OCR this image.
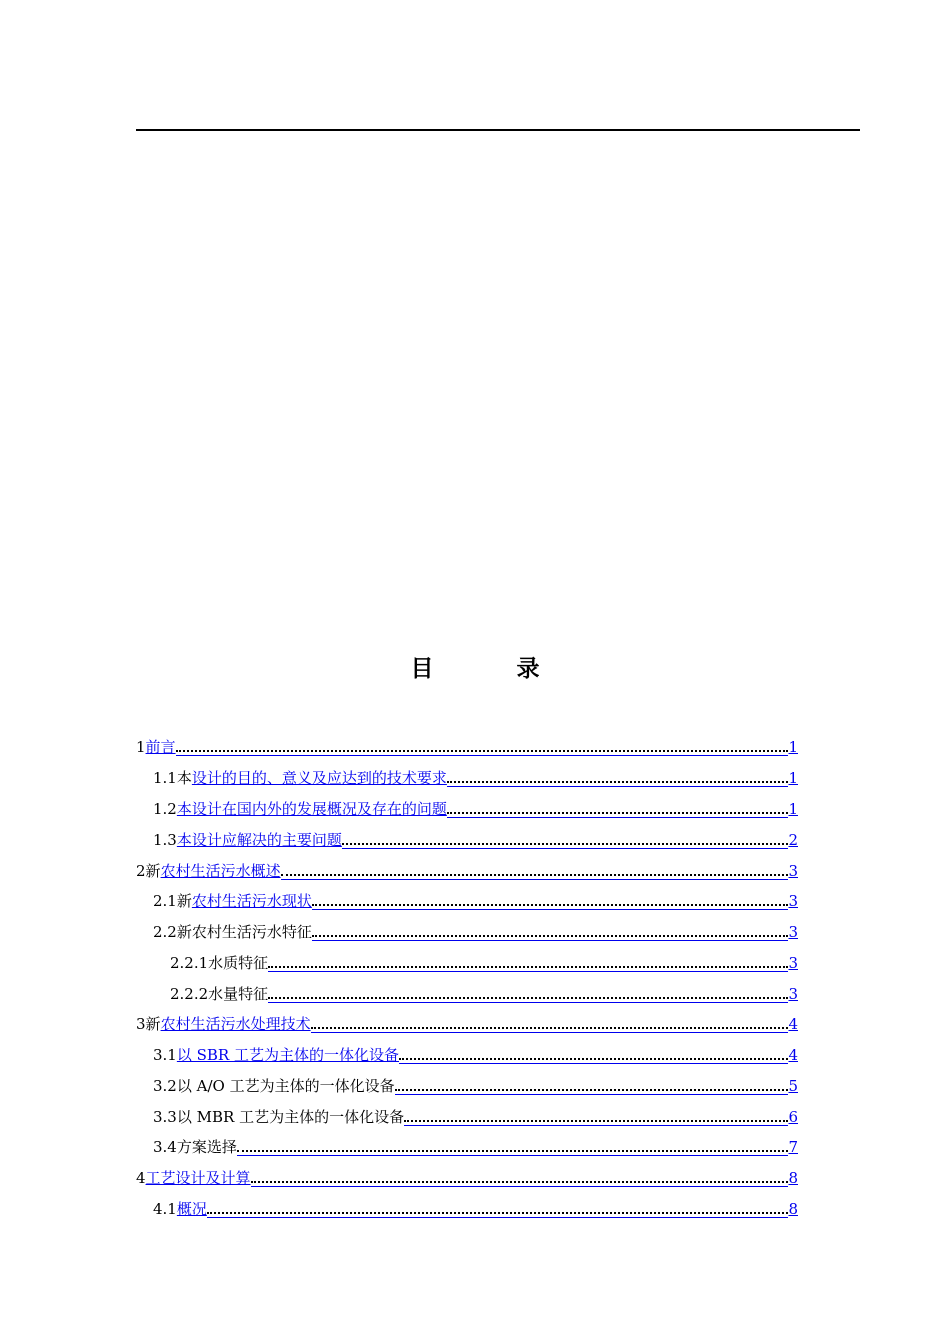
目　录
1 前言	1
1.1 本 设计的目的、意义及应达到的技术要求	1
1.2 本设计在国内外的发展概况及存在的问题	1
1.3 本设计应解决的主要问题	2
2 新 农村生活污水概述	3
2.1 新 农村生活污水现状	3
2.2 新农村生活污水特征	3
2.2.1 水质特征	3
2.2.2 水量特征	3
3 新 农村生活污水处理技术	4
3.1 以 SBR 工艺为主体的一体化设备	4
3.2 以 A/O 工艺为主体的一体化设备	5
3.3 以 MBR 工艺为主体的一体化设备	6
3.4 方案选择	7
4 工艺设计及计算	8
4.1 概况	8
